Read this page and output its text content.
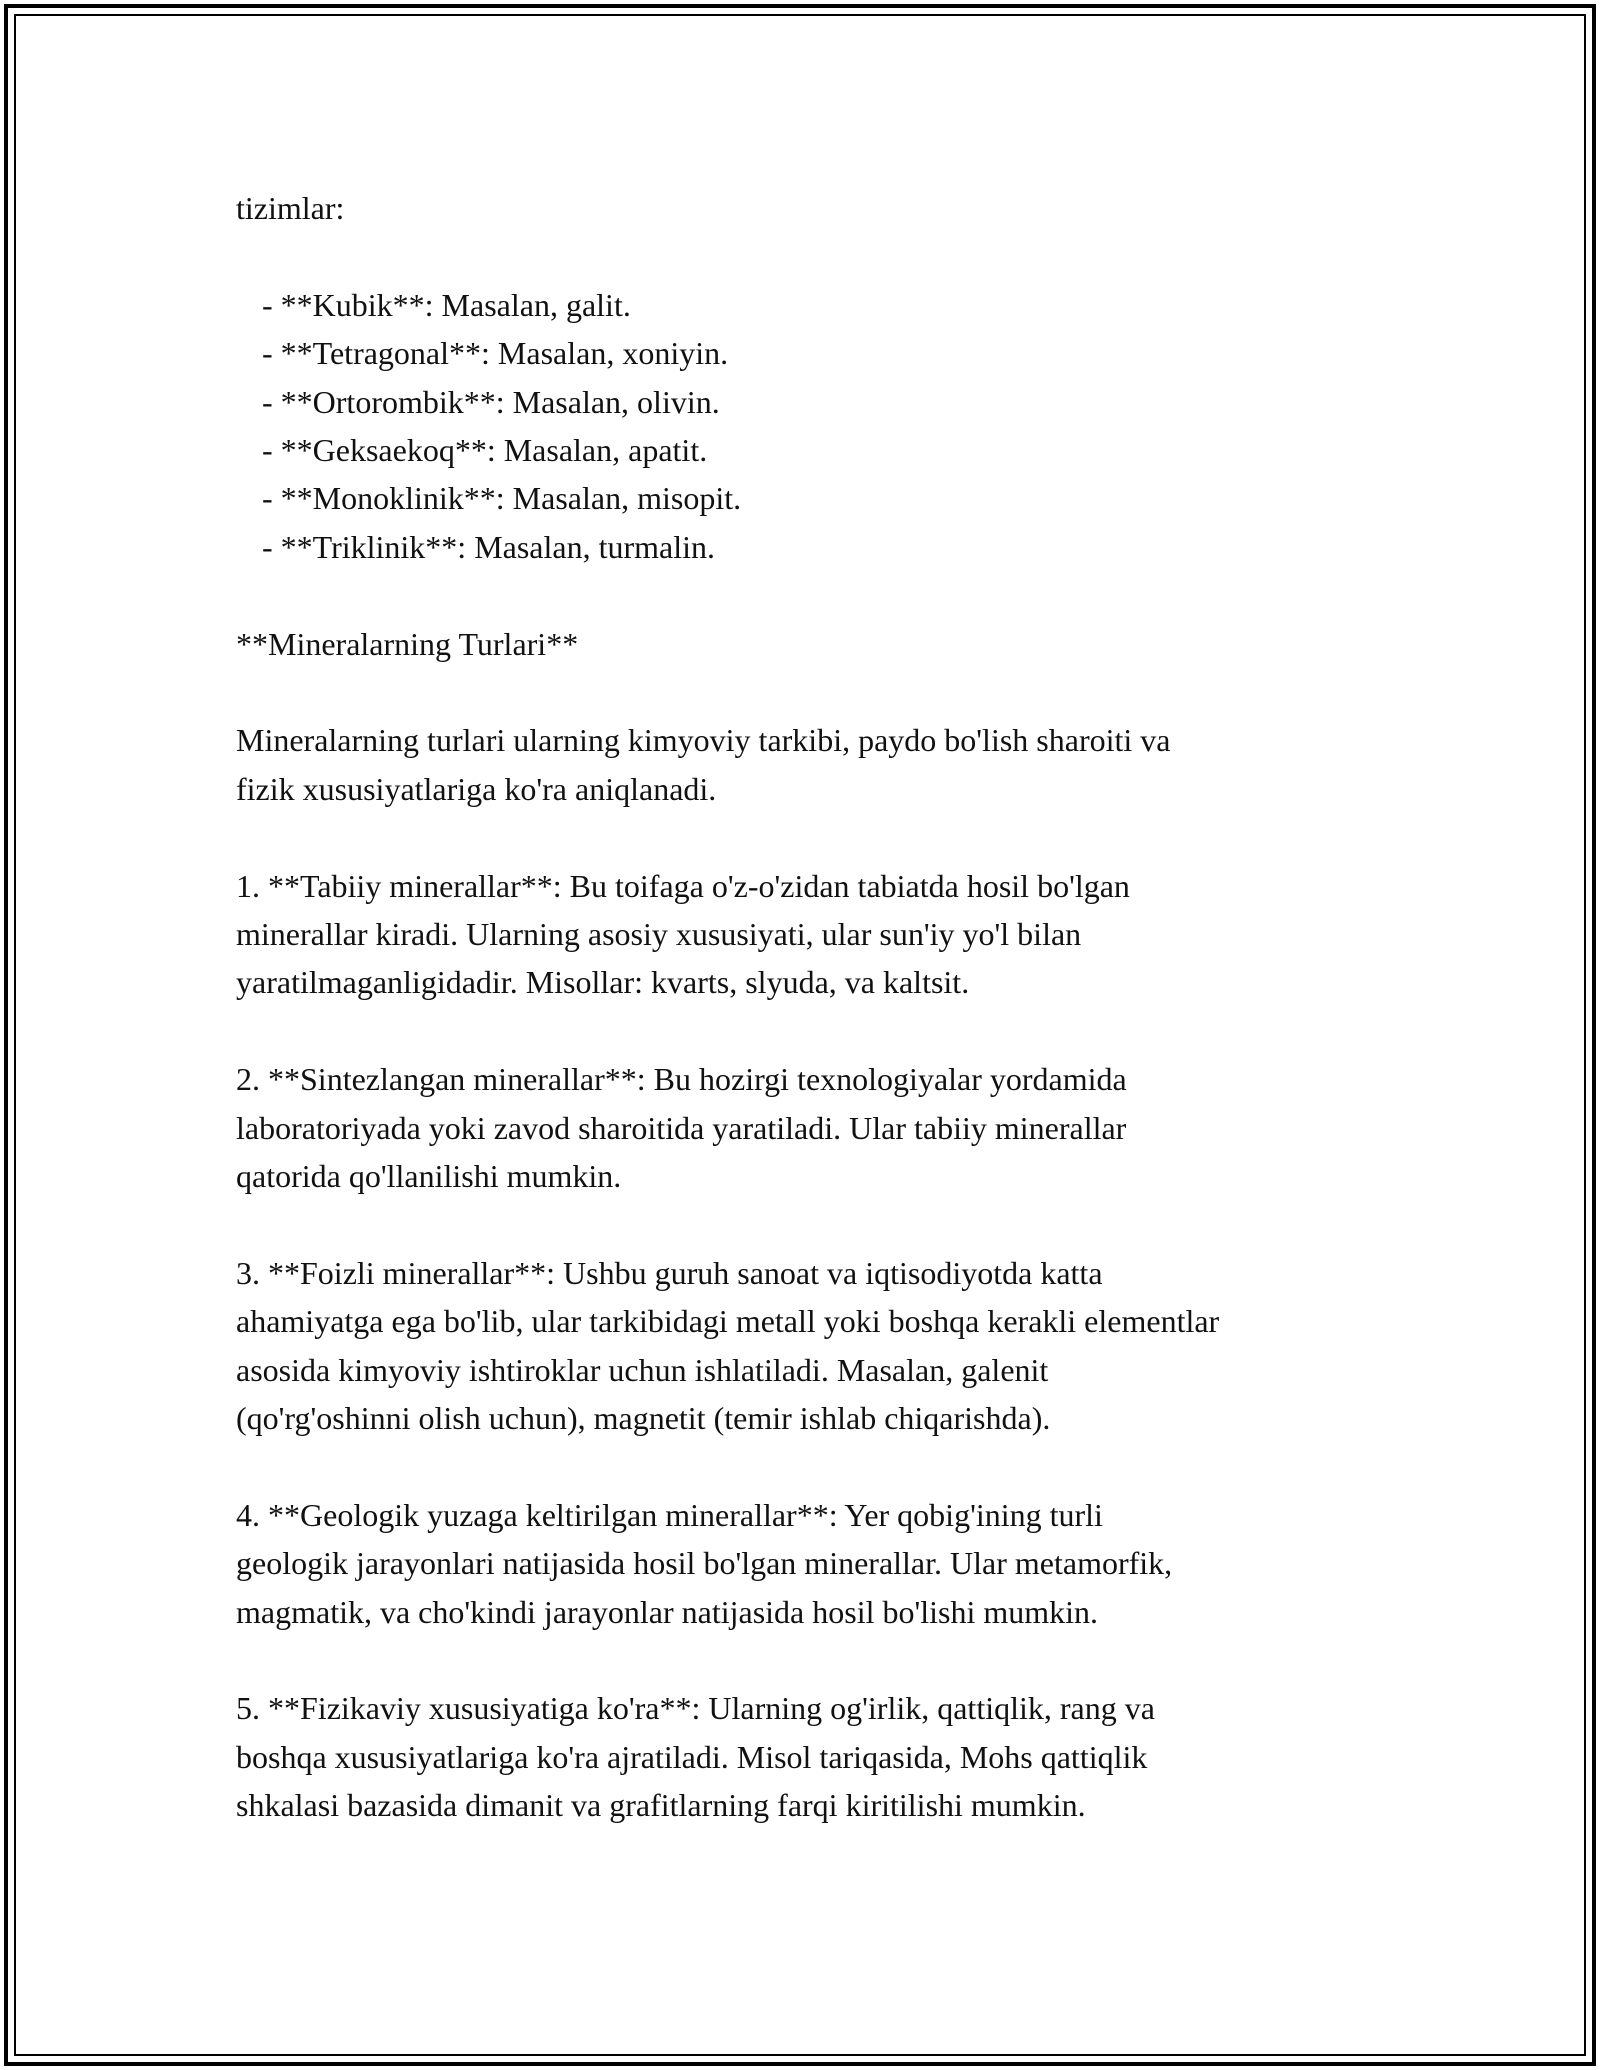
tizimlar:

- **Kubik**: Masalan, galit.

- **Tetragonal**: Masalan, xoniyin.

- **Ortorombik**: Masalan, olivin.

- **Geksaekoq**: Masalan, apatit.

- **Monoklinik**: Masalan, misopit.

- **Triklinik**: Masalan, turmalin.

**Mineralarning Turlari**

Mineralarning turlari ularning kimyoviy tarkibi, paydo bo'lish sharoiti va

fizik xususiyatlariga ko'ra aniqlanadi.

1. **Tabiiy minerallar**: Bu toifaga o'z-o'zidan tabiatda hosil bo'lgan

minerallar kiradi. Ularning asosiy xususiyati, ular sun'iy yo'l bilan

yaratilmaganligidadir. Misollar: kvarts, slyuda, va kaltsit.

2. **Sintezlangan minerallar**: Bu hozirgi texnologiyalar yordamida

laboratoriyada yoki zavod sharoitida yaratiladi. Ular tabiiy minerallar

qatorida qo'llanilishi mumkin.

3. **Foizli minerallar**: Ushbu guruh sanoat va iqtisodiyotda katta

ahamiyatga ega bo'lib, ular tarkibidagi metall yoki boshqa kerakli elementlar

asosida kimyoviy ishtiroklar uchun ishlatiladi. Masalan, galenit

(qo'rg'oshinni olish uchun), magnetit (temir ishlab chiqarishda).

4. **Geologik yuzaga keltirilgan minerallar**: Yer qobig'ining turli

geologik jarayonlari natijasida hosil bo'lgan minerallar. Ular metamorfik,

magmatik, va cho'kindi jarayonlar natijasida hosil bo'lishi mumkin.

5. **Fizikaviy xususiyatiga ko'ra**: Ularning og'irlik, qattiqlik, rang va

boshqa xususiyatlariga ko'ra ajratiladi. Misol tariqasida, Mohs qattiqlik

shkalasi bazasida dimanit va grafitlarning farqi kiritilishi mumkin.
